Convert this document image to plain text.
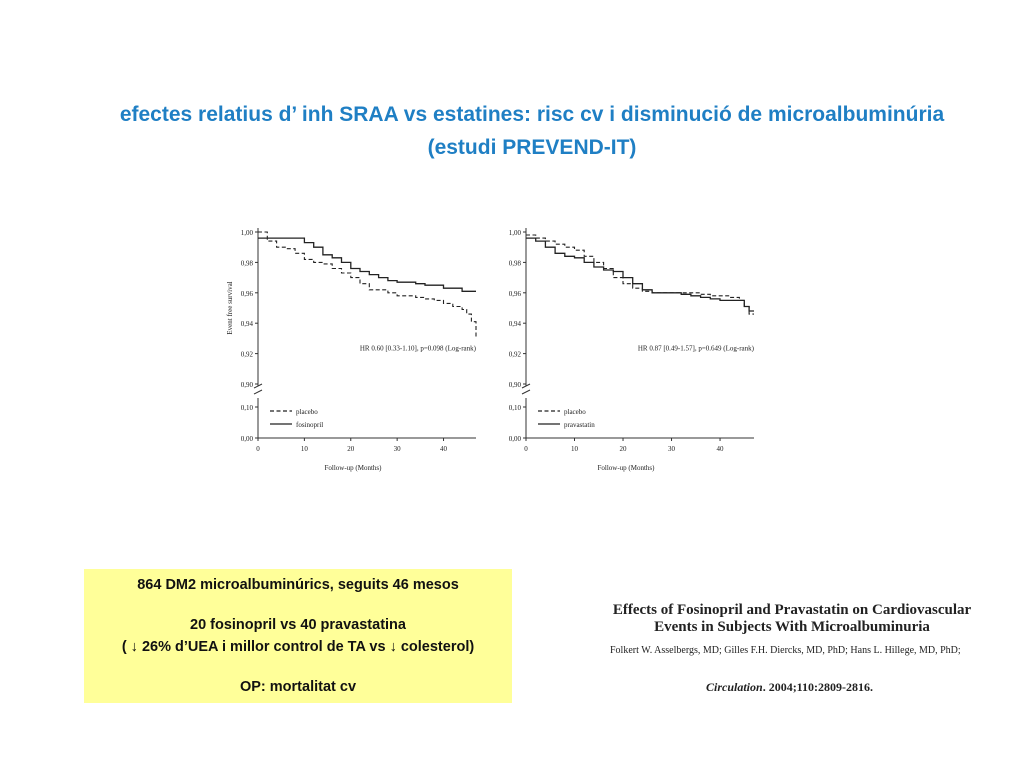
efectes relatius d’ inh SRAA vs estatines: risc cv i disminució de microalbuminúria
(estudi PREVEND-IT)
1,00
0,98
0,96
0,94
0,92
0,90
0,10
0,00
0	10	20	30	40
Follow-up (Months)
Event free survival
HR 0.60 [0.33-1.10], p=0.098 (Log-rank)
placebo
fosinopril
1,00
0,98
0,96
0,94
0,92
0,90
0,10
0,00
0	10	20	30	40
Follow-up (Months)
HR 0.87 [0.49-1.57], p=0.649 (Log-rank)
placebo
pravastatin
864 DM2 microalbuminúrics, seguits 46 mesos
20 fosinopril vs 40 pravastatina
( ↓ 26% d’UEA i millor control de TA vs ↓ colesterol)
OP: mortalitat cv
Effects of Fosinopril and Pravastatin on Cardiovascular
Events in Subjects With Microalbuminuria
Folkert W. Asselbergs, MD; Gilles F.H. Diercks, MD, PhD; Hans L. Hillege, MD, PhD;
Circulation. 2004;110:2809-2816.
